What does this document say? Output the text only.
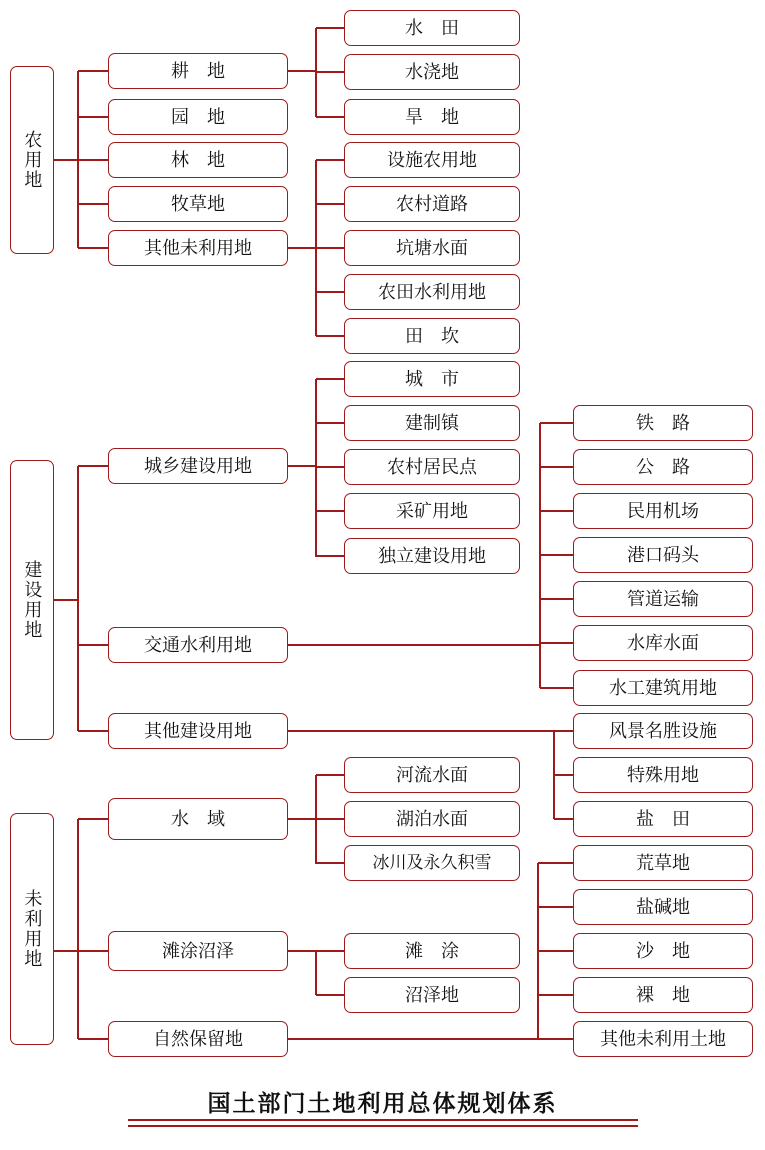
农用地
建设用地
未利用地
耕　地
园　地
林　地
牧草地
其他未利用地
城乡建设用地
交通水利用地
其他建设用地
水　域
滩涂沼泽
自然保留地
水　田
水浇地
旱　地
设施农用地
农村道路
坑塘水面
农田水利用地
田　坎
城　市
建制镇
农村居民点
采矿用地
独立建设用地
河流水面
湖泊水面
冰川及永久积雪
滩　涂
沼泽地
铁　路
公　路
民用机场
港口码头
管道运输
水库水面
水工建筑用地
风景名胜设施
特殊用地
盐　田
荒草地
盐碱地
沙　地
裸　地
其他未利用土地
国土部门土地利用总体规划体系
